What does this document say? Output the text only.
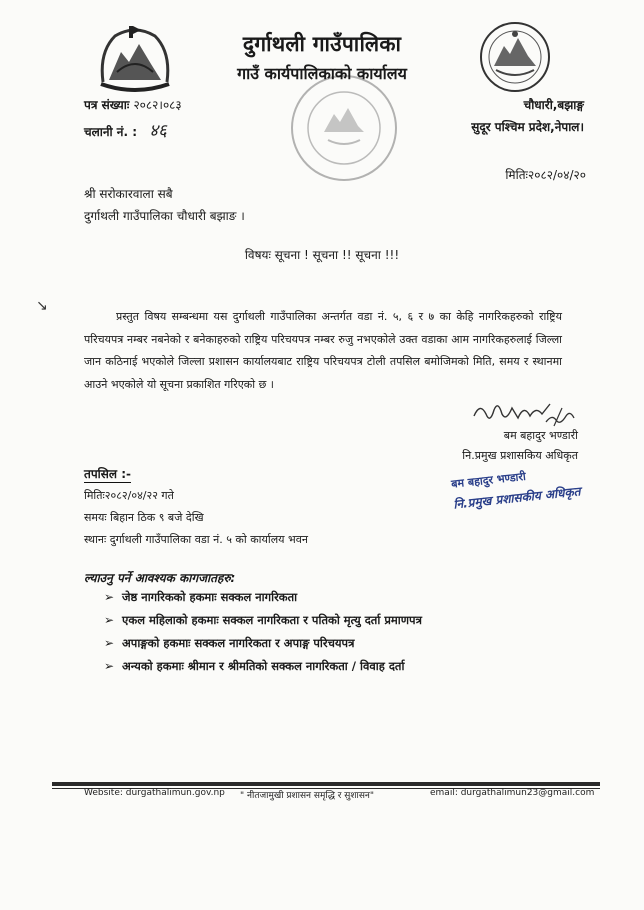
दुर्गाथली गाउँपालिका
गाउँ कार्यपालिकाको कार्यालय
पत्र संख्याः २०८२।०८३
चलानी नं. : ४६
चौधारी,बझाङ्ग
सुदूर पश्चिम प्रदेश,नेपाल।
मितिः२०८२/०४/२०
श्री सरोकारवाला सबै
दुर्गाथली गाउँपालिका चौधारी बझाङ ।
विषयः सूचना ! सूचना !! सूचना !!!
↘
प्रस्तुत विषय सम्बन्धमा यस दुर्गाथली गाउँपालिका अन्तर्गत वडा नं. ५, ६ र ७ का केहि नागरिकहरुको राष्ट्रिय परिचयपत्र नम्बर नबनेको र बनेकाहरुको राष्ट्रिय परिचयपत्र नम्बर रुजु नभएकोले उक्त वडाका आम नागरिकहरुलाई जिल्ला जान कठिनाई भएकोले जिल्ला प्रशासन कार्यालयबाट राष्ट्रिय परिचयपत्र टोली तपसिल बमोजिमको मिति, समय र स्थानमा आउने भएकोले यो सूचना प्रकाशित गरिएको छ ।
बम बहादुर भण्डारी
नि.प्रमुख प्रशासकिय अधिकृत
बम बहादुर भण्डारी
नि.प्रमुख प्रशासकीय अधिकृत
तपसिल :-
मितिः२०८२/०४/२२ गते
समयः बिहान ठिक ९ बजे देखि
स्थानः दुर्गाथली गाउँपालिका वडा नं. ५ को कार्यालय भवन
ल्याउनु पर्ने आवश्यक कागजातहरु:
➢ जेष्ठ नागरिकको हकमाः सक्कल नागरिकता
➢ एकल महिलाको हकमाः सक्कल नागरिकता र पतिको मृत्यु दर्ता प्रमाणपत्र
➢ अपाङ्गको हकमाः सक्कल नागरिकता र अपाङ्ग परिचयपत्र
➢ अन्यको हकमाः श्रीमान र श्रीमतिको सक्कल नागरिकता / विवाह दर्ता
Website: durgathalimun.gov.np " नीतजामुखी प्रशासन समृद्धि र सुशासन"	email: durgathalimun23@gmail.com
